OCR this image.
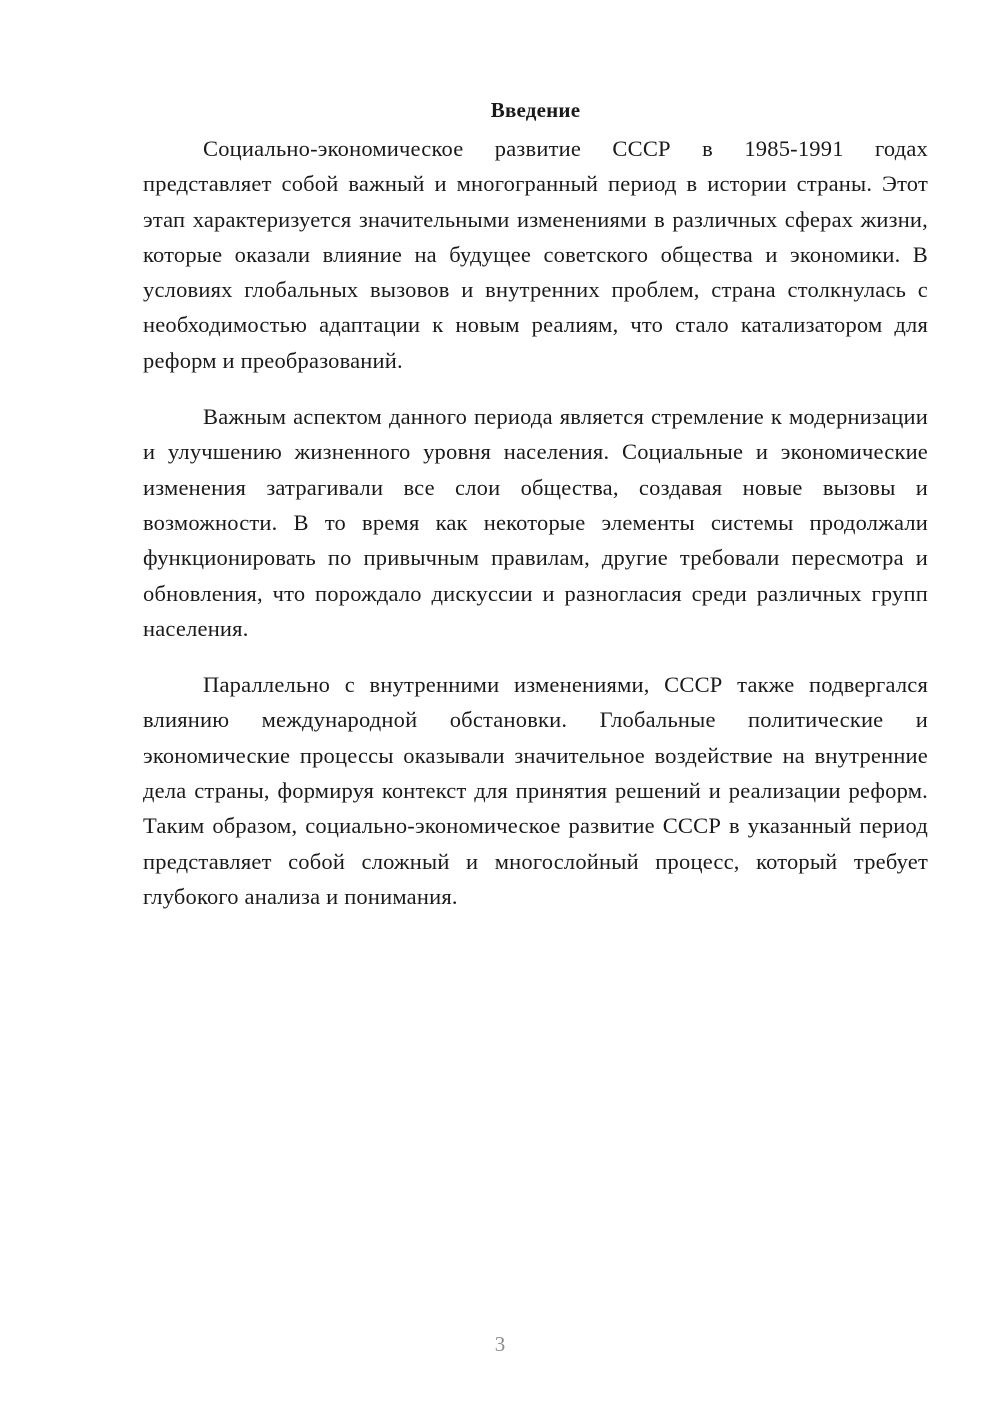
Введение

Социально-экономическое развитие СССР в 1985-1991 годах представляет собой важный и многогранный период в истории страны. Этот этап характеризуется значительными изменениями в различных сферах жизни, которые оказали влияние на будущее советского общества и экономики. В условиях глобальных вызовов и внутренних проблем, страна столкнулась с необходимостью адаптации к новым реалиям, что стало катализатором для реформ и преобразований.

Важным аспектом данного периода является стремление к модернизации и улучшению жизненного уровня населения. Социальные и экономические изменения затрагивали все слои общества, создавая новые вызовы и возможности. В то время как некоторые элементы системы продолжали функционировать по привычным правилам, другие требовали пересмотра и обновления, что порождало дискуссии и разногласия среди различных групп населения.

Параллельно с внутренними изменениями, СССР также подвергался влиянию международной обстановки. Глобальные политические и экономические процессы оказывали значительное воздействие на внутренние дела страны, формируя контекст для принятия решений и реализации реформ. Таким образом, социально-экономическое развитие СССР в указанный период представляет собой сложный и многослойный процесс, который требует глубокого анализа и понимания.

3
